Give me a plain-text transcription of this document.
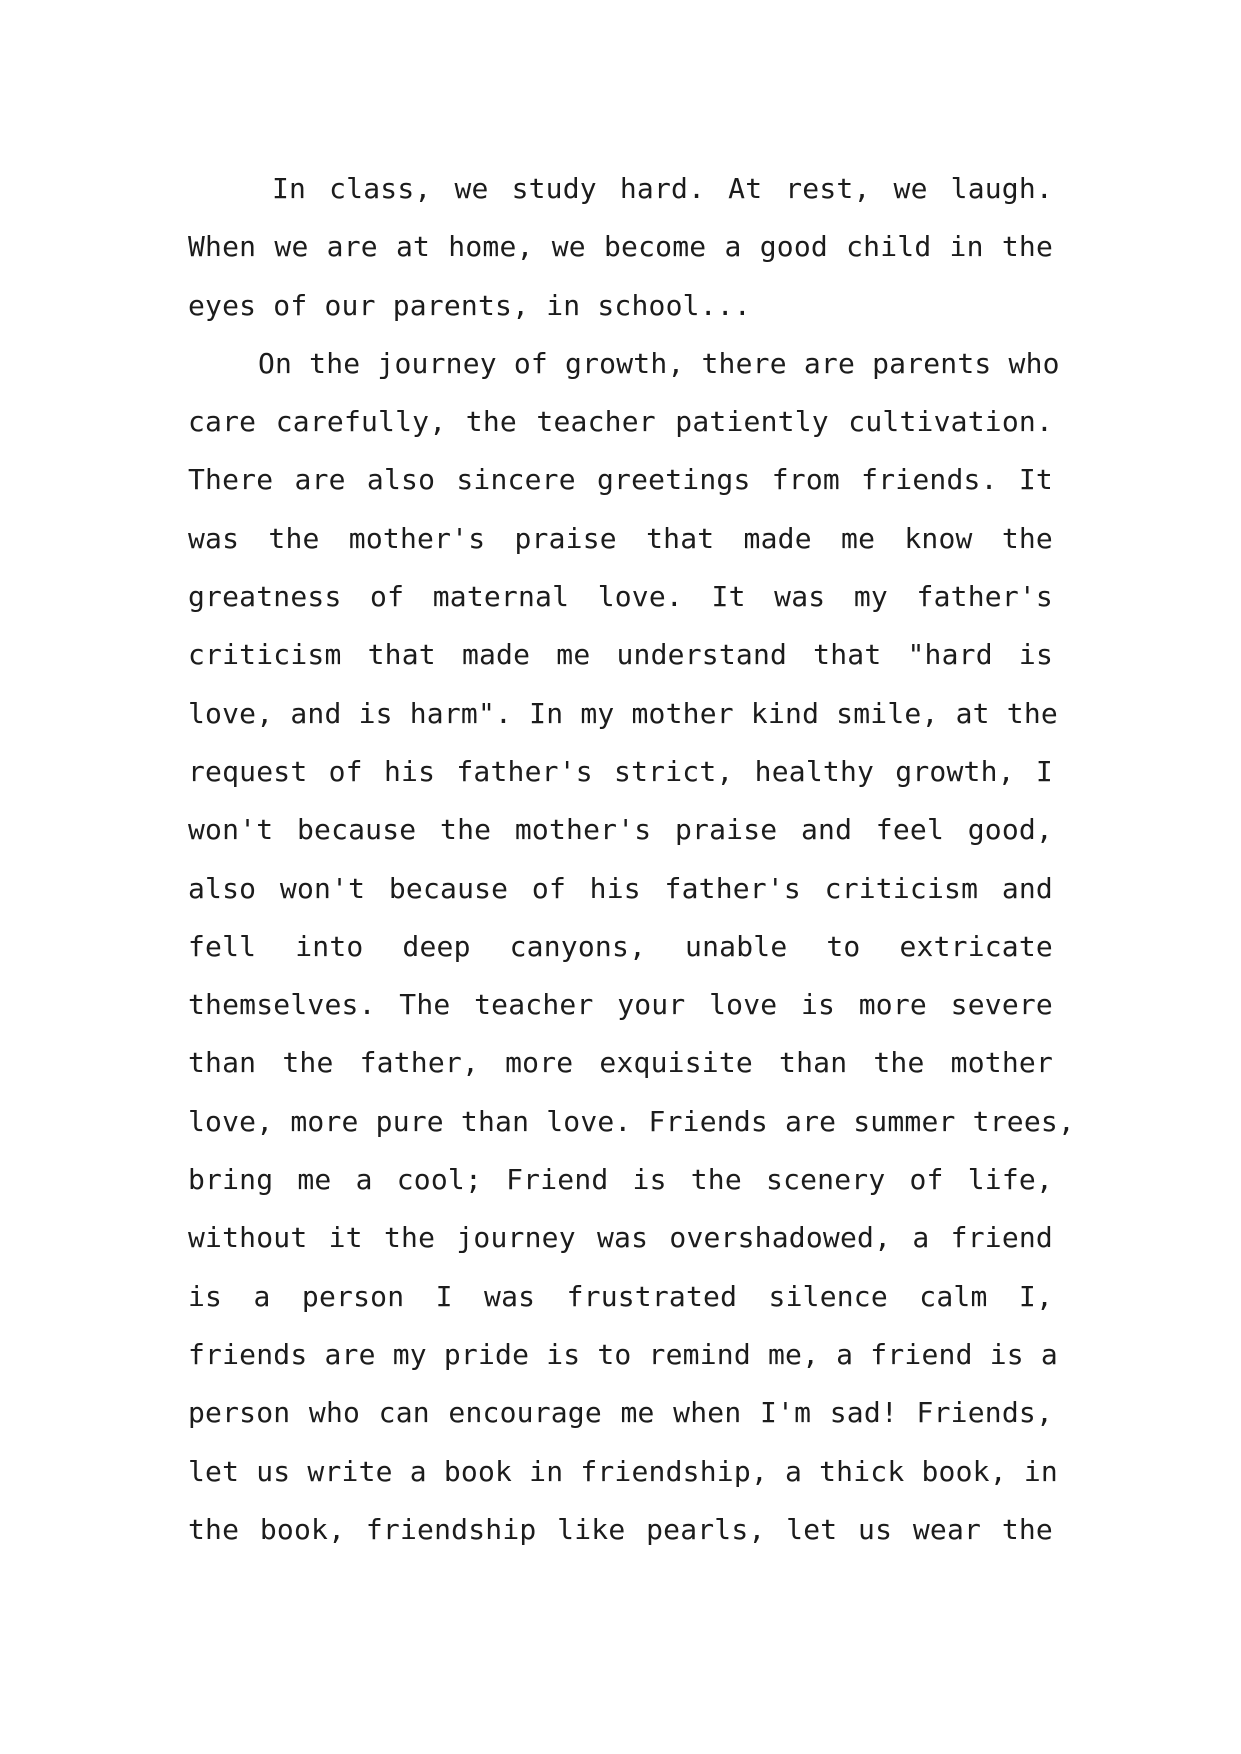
In class, we study hard. At rest, we laugh.
When we are at home, we become a good child in the
eyes of our parents, in school...
On the journey of growth, there are parents who
care carefully, the teacher patiently cultivation.
There are also sincere greetings from friends. It
was the mother's praise that made me know the
greatness of maternal love. It was my father's
criticism that made me understand that "hard is
love, and is harm". In my mother kind smile, at the
request of his father's strict, healthy growth, I
won't because the mother's praise and feel good,
also won't because of his father's criticism and
fell into deep canyons, unable to extricate
themselves. The teacher your love is more severe
than the father, more exquisite than the mother
love, more pure than love. Friends are summer trees,
bring me a cool; Friend is the scenery of life,
without it the journey was overshadowed, a friend
is a person I was frustrated silence calm I,
friends are my pride is to remind me, a friend is a
person who can encourage me when I'm sad! Friends,
let us write a book in friendship, a thick book, in
the book, friendship like pearls, let us wear the
